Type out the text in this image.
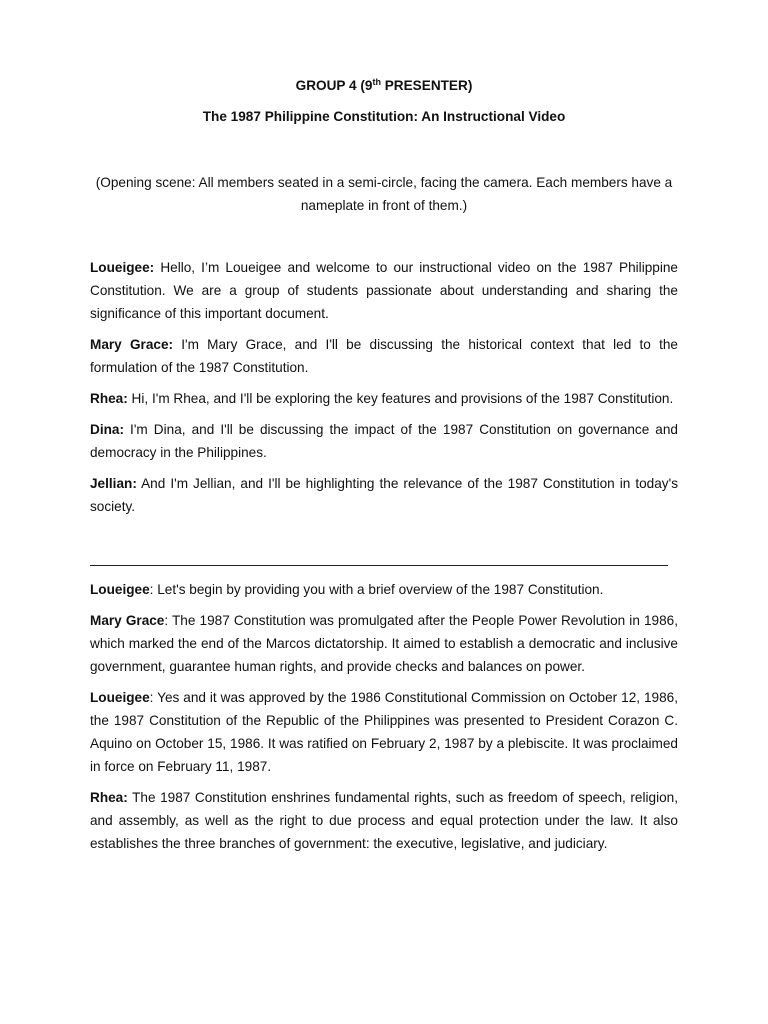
GROUP 4 (9th PRESENTER)
The 1987 Philippine Constitution: An Instructional Video
(Opening scene: All members seated in a semi-circle, facing the camera. Each members have a nameplate in front of them.)

Loueigee: Hello, I’m Loueigee and welcome to our instructional video on the 1987 Philippine Constitution. We are a group of students passionate about understanding and sharing the significance of this important document.

Mary Grace: I'm Mary Grace, and I'll be discussing the historical context that led to the formulation of the 1987 Constitution.

Rhea: Hi, I'm Rhea, and I'll be exploring the key features and provisions of the 1987 Constitution.

Dina: I'm Dina, and I'll be discussing the impact of the 1987 Constitution on governance and democracy in the Philippines.

Jellian: And I'm Jellian, and I'll be highlighting the relevance of the 1987 Constitution in today's society.

Loueigee: Let's begin by providing you with a brief overview of the 1987 Constitution.

Mary Grace: The 1987 Constitution was promulgated after the People Power Revolution in 1986, which marked the end of the Marcos dictatorship. It aimed to establish a democratic and inclusive government, guarantee human rights, and provide checks and balances on power.

Loueigee: Yes and it was approved by the 1986 Constitutional Commission on October 12, 1986, the 1987 Constitution of the Republic of the Philippines was presented to President Corazon C. Aquino on October 15, 1986. It was ratified on February 2, 1987 by a plebiscite. It was proclaimed in force on February 11, 1987.

Rhea: The 1987 Constitution enshrines fundamental rights, such as freedom of speech, religion, and assembly, as well as the right to due process and equal protection under the law. It also establishes the three branches of government: the executive, legislative, and judiciary.
